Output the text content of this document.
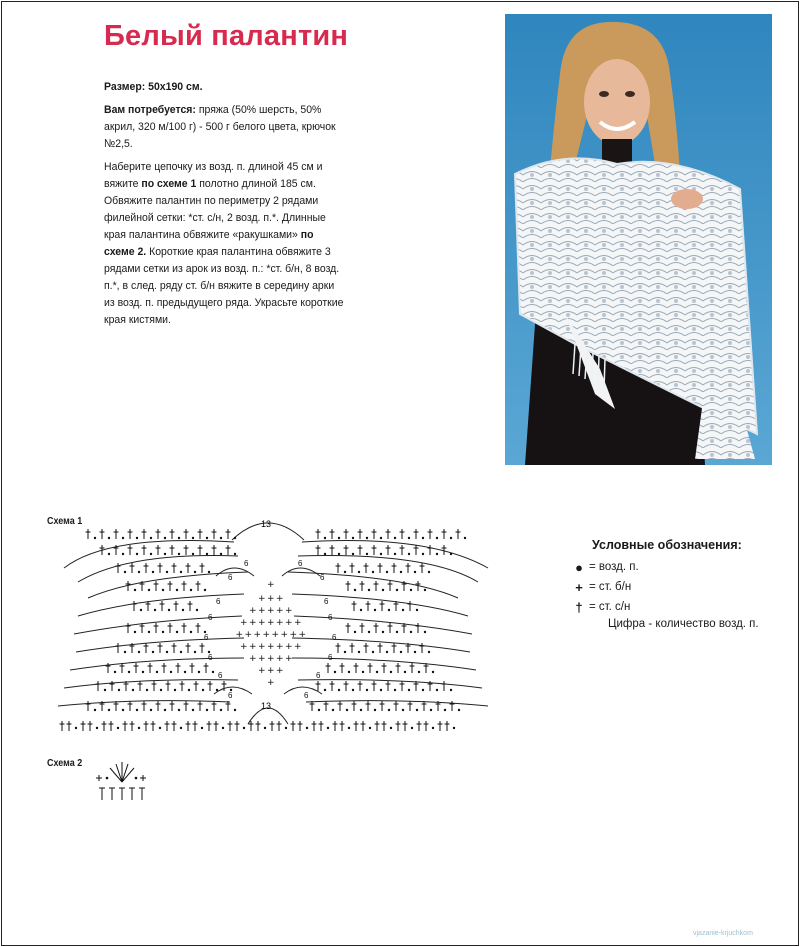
Белый палантин

Размер: 50x190 см.

Вам потребуется: пряжа (50% шерсть, 50% акрил, 320 м/100 г) - 500 г белого цвета, крючок №2,5.

Наберите цепочку из возд. п. длиной 45 см и вяжите по схеме 1 полотно длиной 185 см. Обвяжите палантин по периметру 2 рядами филейной сетки: *ст. с/н, 2 возд. п.*. Длинные края палантина обвяжите «ракушками» по схеме 2. Короткие края палантина обвяжите 3 рядами сетки из арок из возд. п.: *ст. б/н, 8 возд. п.*, в след. ряду ст. б/н вяжите в середину арки из возд. п. предыдущего ряда. Украсьте короткие края кистями.

Схема 1
+
+ + +
+ + + + +
+ + + + + + +
+ + + + + + + +
+ + + + + + +
+ + + + +
+ + +
+
13
13
6	6
6	6
6	6
6	6
6	6
6	6
6	6
6	6
Схема 2
Условные обозначения:
● = возд. п.
+ = ст. б/н
† = ст. с/н
Цифра - количество возд. п.
vjazanie-krjuchkom
